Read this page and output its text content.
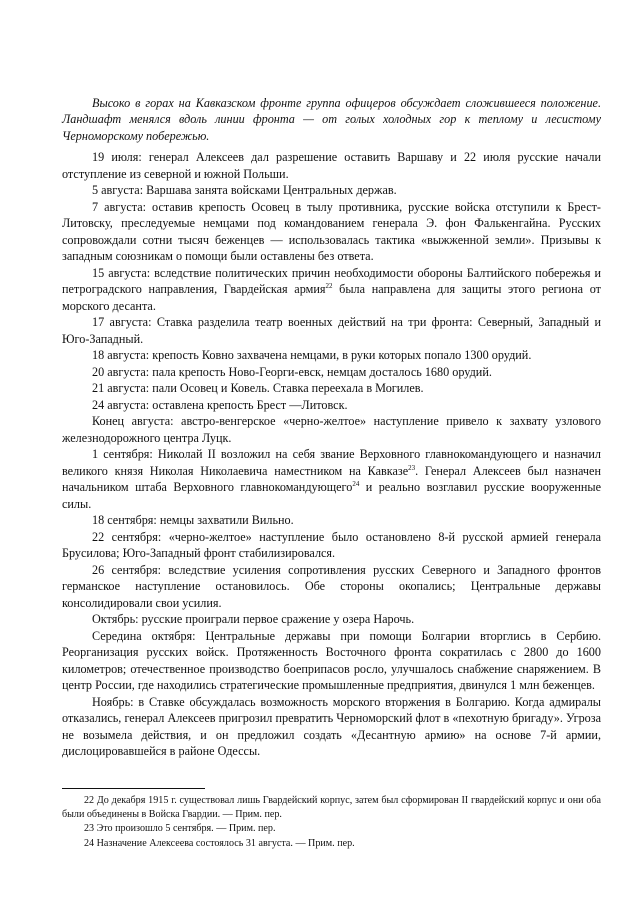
Высоко в горах на Кавказском фронте группа офицеров обсуждает сложившееся положение. Ландшафт менялся вдоль линии фронта — от голых холодных гор к теплому и лесистому Черноморскому побережью.

19 июля: генерал Алексеев дал разрешение оставить Варшаву и 22 июля русские начали отступление из северной и южной Польши.

5 августа: Варшава занята войсками Центральных держав.

7 августа: оставив крепость Осовец в тылу противника, русские войска отступили к Брест-Литовску, преследуемые немцами под командованием генерала Э. фон Фалькенгайна. Русских сопровождали сотни тысяч беженцев — использовалась тактика «выжженной земли». Призывы к западным союзникам о помощи были оставлены без ответа.

15 августа: вследствие политических причин необходимости обороны Балтийского побережья и петроградского направления, Гвардейская армия$^{22}$ была направлена для защиты этого региона от морского десанта.

17 августа: Ставка разделила театр военных действий на три фронта: Северный, Западный и Юго-Западный.

18 августа: крепость Ковно захвачена немцами, в руки которых попало 1300 орудий.

20 августа: пала крепость Ново-Георги-евск, немцам досталось 1680 орудий.

21 августа: пали Осовец и Ковель. Ставка переехала в Могилев.

24 августа: оставлена крепость Брест —Литовск.

Конец августа: австро-венгерское «черно-желтое» наступление привело к захвату узлового железнодорожного центра Луцк.

1 сентября: Николай II возложил на себя звание Верховного главнокомандующего и назначил великого князя Николая Николаевича наместником на Кавказе$^{23}$. Генерал Алексеев был назначен начальником штаба Верховного главнокомандующего$^{24}$ и реально возглавил русские вооруженные силы.

18 сентября: немцы захватили Вильно.

22 сентября: «черно-желтое» наступление было остановлено 8-й русской армией генерала Брусилова; Юго-Западный фронт стабилизировался.

26 сентября: вследствие усиления сопротивления русских Северного и Западного фронтов германское наступление остановилось. Обе стороны окопались; Центральные державы консолидировали свои усилия.

Октябрь: русские проиграли первое сражение у озера Нарочь.

Середина октября: Центральные державы при помощи Болгарии вторглись в Сербию. Реорганизация русских войск. Протяженность Восточного фронта сократилась с 2800 до 1600 километров; отечественное производство боеприпасов росло, улучшалось снабжение снаряжением. В центр России, где находились стратегические промышленные предприятия, двинулся 1 млн беженцев.

Ноябрь: в Ставке обсуждалась возможность морского вторжения в Болгарию. Когда адмиралы отказались, генерал Алексеев пригрозил превратить Черноморский флот в «пехотную бригаду». Угроза не возымела действия, и он предложил создать «Десантную армию» на основе 7-й армии, дислоцировавшейся в районе Одессы.

22 До декабря 1915 г. существовал лишь Гвардейский корпус, затем был сформирован II гвардейский корпус и они оба были объединены в Войска Гвардии. — Прим. пер.

23 Это произошло 5 сентября. — Прим. пер.

24 Назначение Алексеева состоялось 31 августа. — Прим. пер.
